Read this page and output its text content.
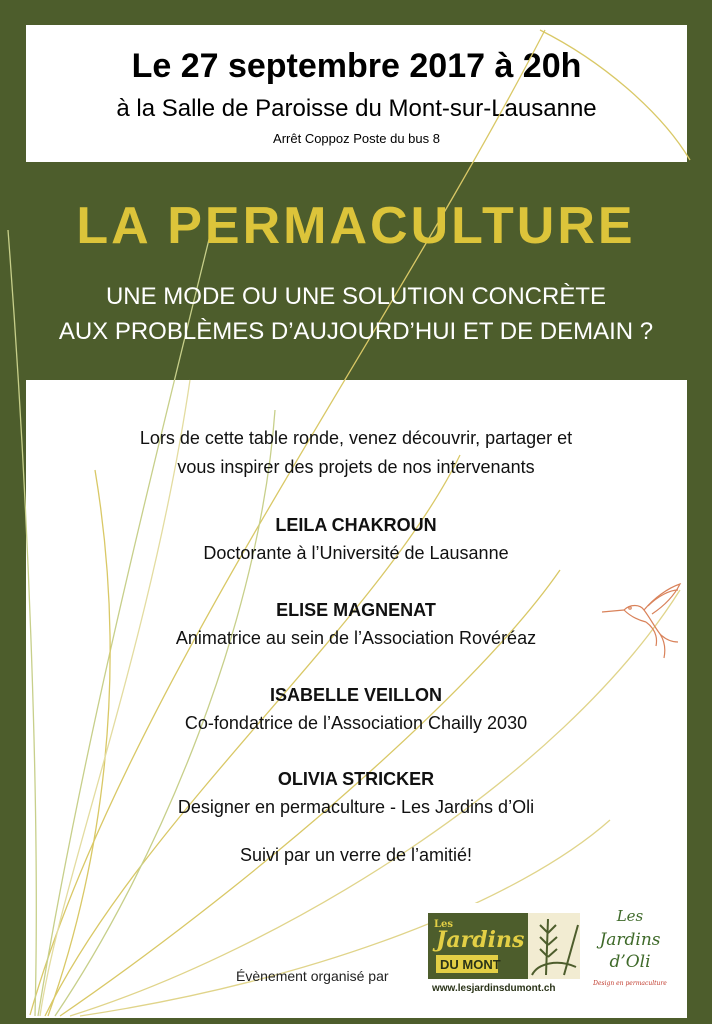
Le 27 septembre 2017 à 20h
à la Salle de Paroisse du Mont-sur-Lausanne
Arrêt Coppoz Poste du bus 8
LA PERMACULTURE
UNE MODE OU UNE SOLUTION CONCRÈTE
AUX PROBLÈMES D’AUJOURD’HUI ET DE DEMAIN ?
Lors de cette table ronde, venez découvrir, partager et
vous inspirer des projets de nos intervenants
LEILA CHAKROUN
Doctorante à l’Université de Lausanne
ELISE MAGNENAT
Animatrice au sein de l’Association Rovéréaz
ISABELLE VEILLON
Co-fondatrice de l’Association Chailly 2030
OLIVIA STRICKER
Designer en permaculture - Les Jardins d’Oli
Suivi par un verre de l’amitié!
Évènement organisé par
Les
Jardins
DU MONT
www.lesjardinsdumont.ch
Les
Jardins
d’Oli
Design en permaculture
